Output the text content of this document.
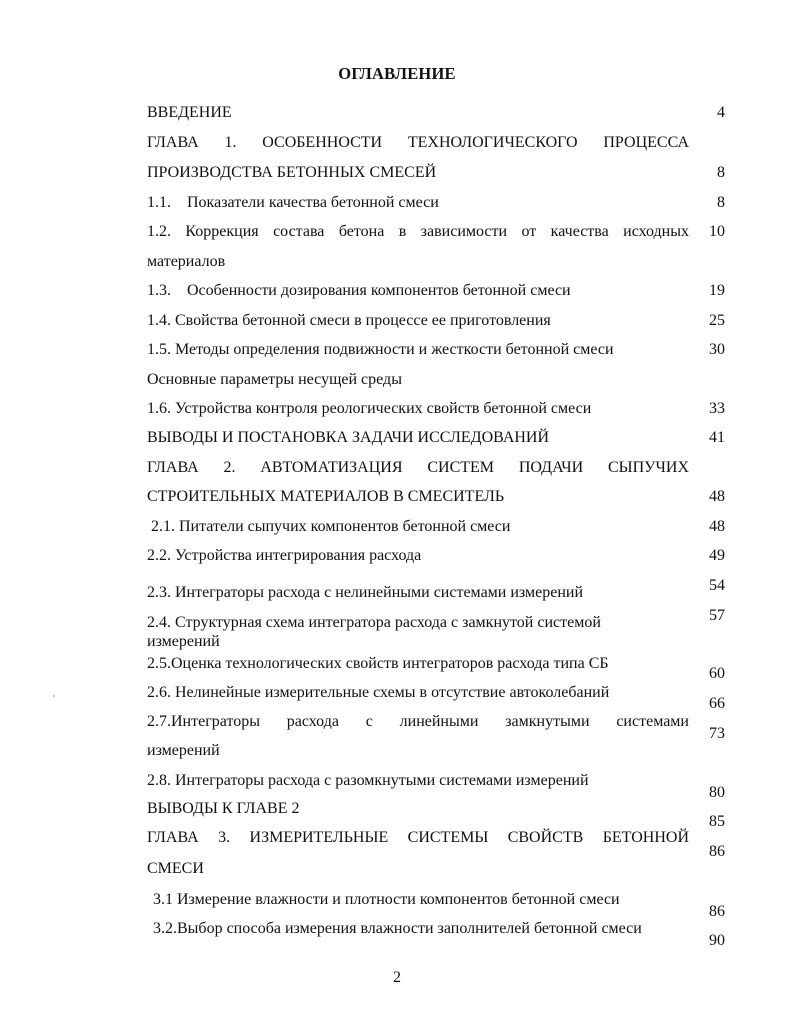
ОГЛАВЛЕНИЕ
ВВЕДЕНИЕ
ГЛАВА 1. ОСОБЕННОСТИ ТЕХНОЛОГИЧЕСКОГО ПРОЦЕССА
ПРОИЗВОДСТВА БЕТОННЫХ СМЕСЕЙ
1.1.    Показатели качества бетонной смеси
1.2. Коррекция состава бетона в зависимости от качества исходных
материалов
1.3.    Особенности дозирования компонентов бетонной смеси
1.4. Свойства бетонной смеси в процессе ее приготовления
1.5. Методы определения подвижности и жесткости бетонной смеси
Основные параметры несущей среды
1.6. Устройства контроля реологических свойств бетонной смеси
ВЫВОДЫ И ПОСТАНОВКА ЗАДАЧИ ИССЛЕДОВАНИЙ
ГЛАВА 2. АВТОМАТИЗАЦИЯ СИСТЕМ ПОДАЧИ СЫПУЧИХ
СТРОИТЕЛЬНЫХ МАТЕРИАЛОВ В СМЕСИТЕЛЬ
2.1. Питатели сыпучих компонентов бетонной смеси
2.2. Устройства интегрирования расхода
2.3. Интеграторы расхода с нелинейными системами измерений
2.4. Структурная схема интегратора расхода с замкнутой системой измерений
2.5.Оценка технологических свойств интеграторов расхода типа СБ
2.6. Нелинейные измерительные схемы в отсутствие автоколебаний
2.7.Интеграторы расхода с линейными замкнутыми системами
измерений
2.8. Интеграторы расхода с разомкнутыми системами измерений
ВЫВОДЫ К ГЛАВЕ 2
ГЛАВА 3. ИЗМЕРИТЕЛЬНЫЕ СИСТЕМЫ СВОЙСТВ БЕТОННОЙ
СМЕСИ
3.1 Измерение влажности и плотности компонентов бетонной смеси
3.2.Выбор способа измерения влажности заполнителей бетонной смеси
4
8
8
10
19
25
30
33
41
48
48
49
54
57
60
66
73
80
85
86
86
90
2
